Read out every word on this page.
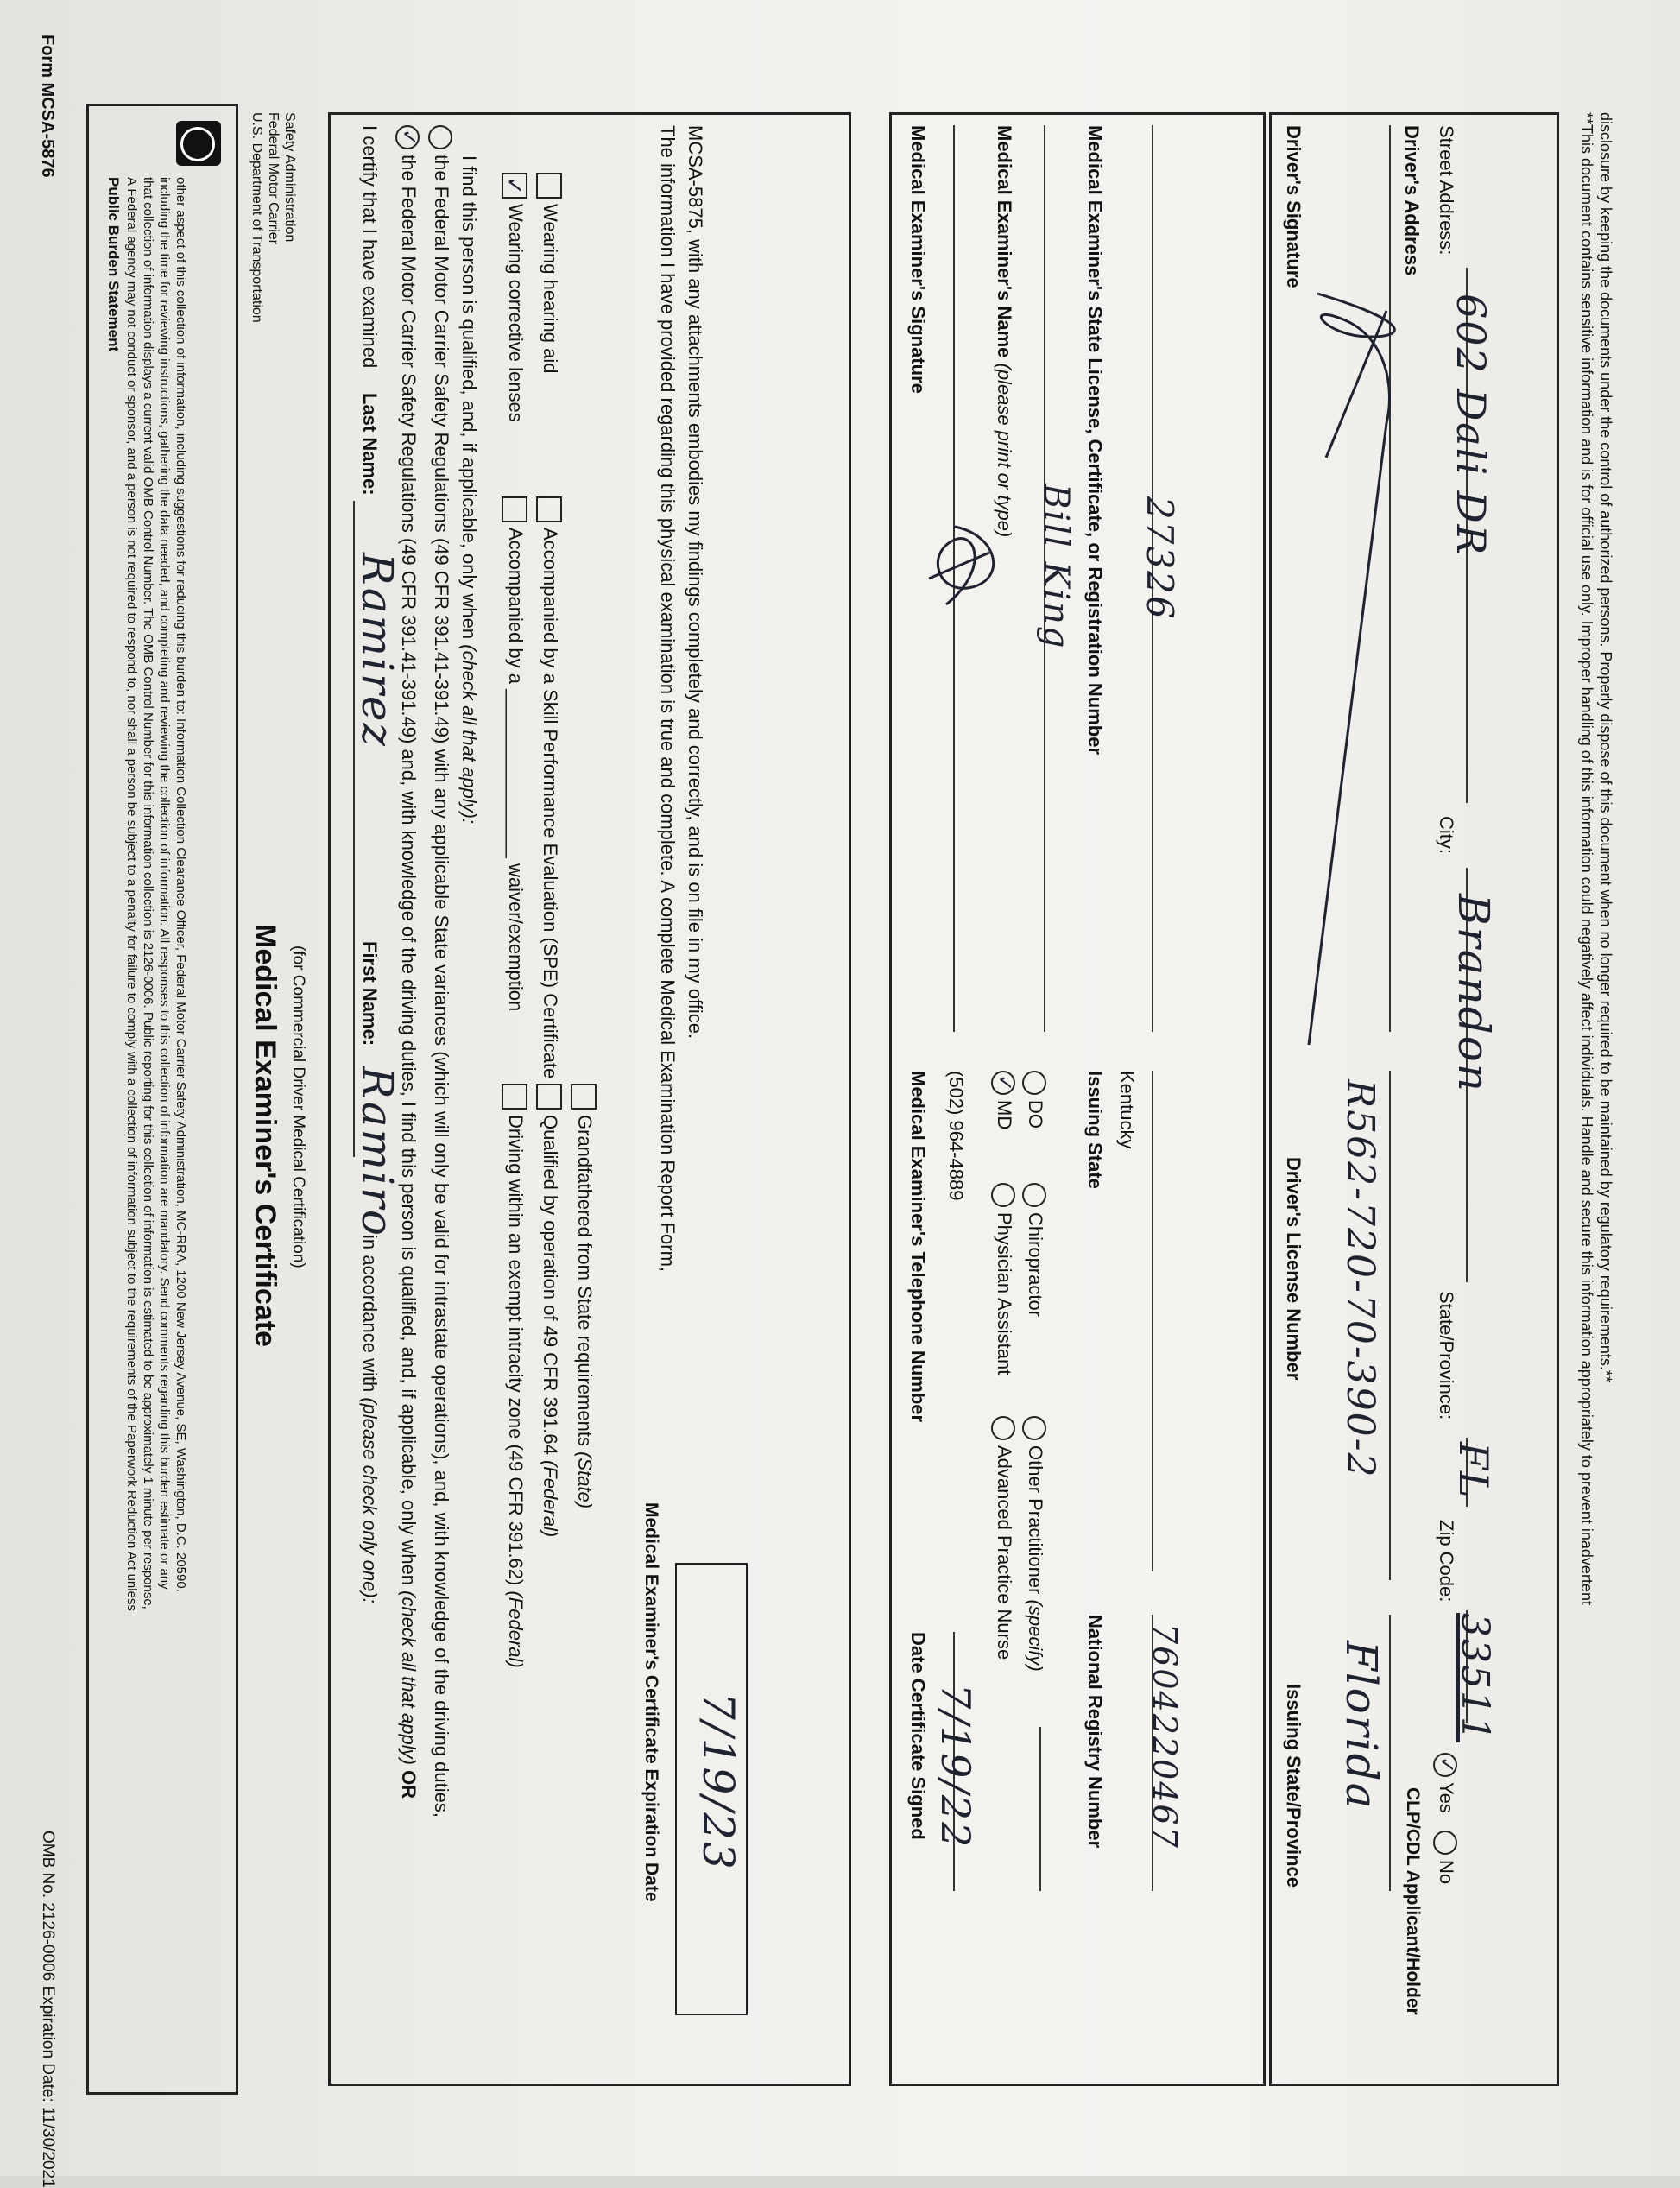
Form MCSA-5876
OMB No. 2126-0006 Expiration Date: 11/30/2021
Public Burden Statement A Federal agency may not conduct or sponsor, and a person is not required to respond to, nor shall a person be subject to a penalty for failure to comply with a collection of information subject to the requirements of the Paperwork Reduction Act unless that collection of information displays a current valid OMB Control Number. The OMB Control Number for this information collection is 2126-0006. Public reporting for this collection of information is estimated to be approximately 1 minute per response, including the time for reviewing instructions, gathering the data needed, and completing and reviewing the collection of information. All responses to this collection of information are mandatory. Send comments regarding this burden estimate or any other aspect of this collection of information, including suggestions for reducing this burden to: Information Collection Clearance Officer, Federal Motor Carrier Safety Administration, MC-RRA, 1200 New Jersey Avenue, SE, Washington, D.C. 20590.	U.S. Department of Transportation Federal Motor Carrier Safety Administration
Medical Examiner's Certificate (for Commercial Driver Medical Certification)
I certify that I have examined
Last Name:
Ramirez
First Name:
Ramiro
in accordance with (please check only one):
✓the Federal Motor Carrier Safety Regulations (49 CFR 391.41-391.49) and, with knowledge of the driving duties, I find this person is qualified, and, if applicable, only when (check all that apply) OR the Federal Motor Carrier Safety Regulations (49 CFR 391.41-391.49) with any applicable State variances (which will only be valid for intrastate operations), and, with knowledge of the driving duties, I find this person is qualified, and, if applicable, only when (check all that apply):
✓Wearing corrective lenses Wearing hearing aid
Accompanied by a ________________ waiver/exemption Accompanied by a Skill Performance Evaluation (SPE) Certificate
Driving within an exempt intracity zone (49 CFR 391.62) (Federal)
Qualified by operation of 49 CFR 391.64 (Federal)
Grandfathered from State requirements (State)
The information I have provided regarding this physical examination is true and complete. A complete Medical Examination Report Form, MCSA-5875, with any attachments embodies my findings completely and correctly, and is on file in my office.
Medical Examiner's Certificate Expiration Date 7/19/23
Medical Examiner's Signature
Medical Examiner's Telephone Number (502) 964-4889
Date Certificate Signed 7/19/22
Medical Examiner's Name (please print or type)
Bill King
✓MD DO
Physician Assistant Chiropractor
Advanced Practice Nurse Other Practitioner (specify)
Medical Examiner's State License, Certificate, or Registration Number 27326
Issuing State Kentucky
National Registry Number 7604220467
Driver's Signature
Driver's License Number R562-720-70-390-2
Issuing State/Province Florida
Driver's Address
CLP/CDL Applicant/Holder
Street Address:
602 Dali DR
City:
Brandon
State/Province:
FL
Zip Code:
33511
✓Yes
No
**This document contains sensitive information and is for official use only. Improper handling of this information could negatively affect individuals. Handle and secure this information appropriately to prevent inadvertent disclosure by keeping the documents under the control of authorized persons. Properly dispose of this document when no longer required to be maintained by regulatory requirements.**
